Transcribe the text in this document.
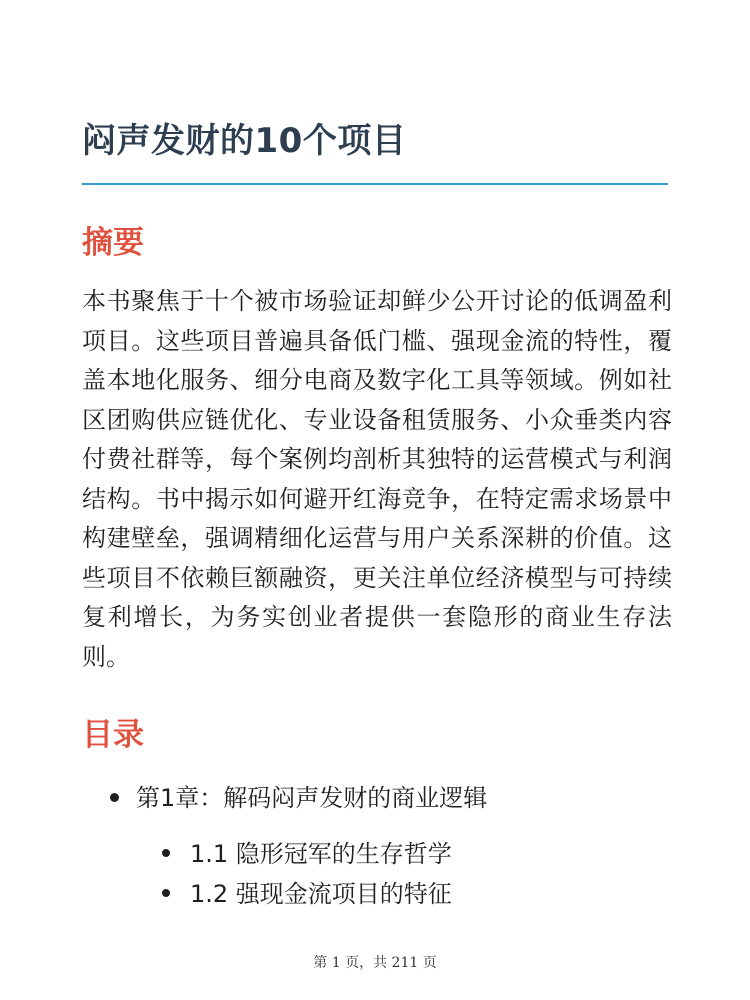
闷声发财的10个项目
摘要

本书聚焦于十个被市场验证却鲜少公开讨论的低调盈利项目。这些项目普遍具备低门槛、强现金流的特性，覆盖本地化服务、细分电商及数字化工具等领域。例如社区团购供应链优化、专业设备租赁服务、小众垂类内容付费社群等，每个案例均剖析其独特的运营模式与利润结构。书中揭示如何避开红海竞争，在特定需求场景中构建壁垒，强调精细化运营与用户关系深耕的价值。这些项目不依赖巨额融资，更关注单位经济模型与可持续复利增长，为务实创业者提供一套隐形的商业生存法则。

目录
第1章：解码闷声发财的商业逻辑
1.1 隐形冠军的生存哲学
1.2 强现金流项目的特征
第 1 页，共 211 页
